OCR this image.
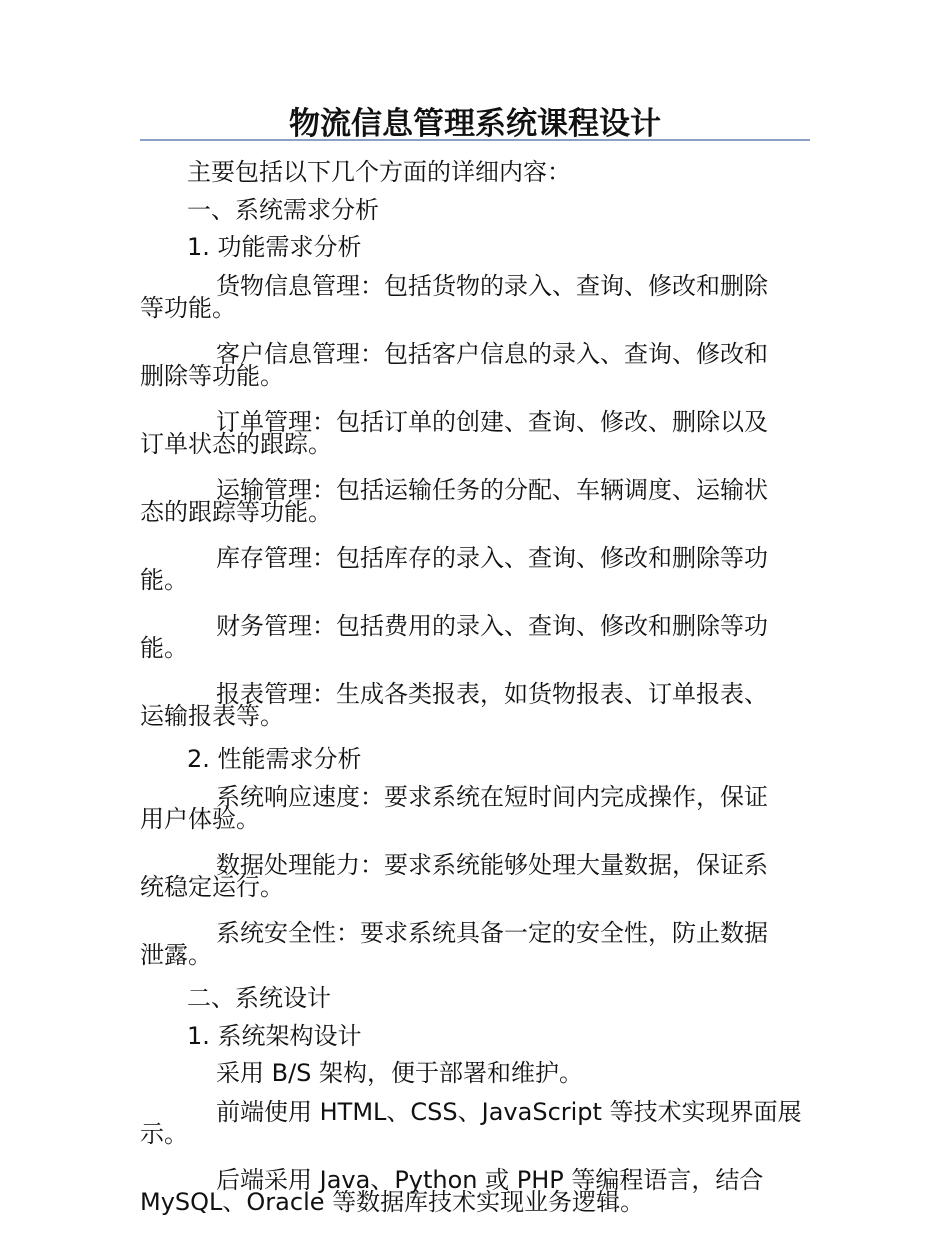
物流信息管理系统课程设计
主要包括以下几个方面的详细内容：
一、系统需求分析
1. 功能需求分析
货物信息管理：包括货物的录入、查询、修改和删除
等功能。
客户信息管理：包括客户信息的录入、查询、修改和
删除等功能。
订单管理：包括订单的创建、查询、修改、删除以及
订单状态的跟踪。
运输管理：包括运输任务的分配、车辆调度、运输状
态的跟踪等功能。
库存管理：包括库存的录入、查询、修改和删除等功
能。
财务管理：包括费用的录入、查询、修改和删除等功
能。
报表管理：生成各类报表，如货物报表、订单报表、
运输报表等。
2. 性能需求分析
系统响应速度：要求系统在短时间内完成操作，保证
用户体验。
数据处理能力：要求系统能够处理大量数据，保证系
统稳定运行。
系统安全性：要求系统具备一定的安全性，防止数据
泄露。
二、系统设计
1. 系统架构设计
采用 B/S 架构，便于部署和维护。
前端使用 HTML、CSS、JavaScript 等技术实现界面展
示。
后端采用 Java、Python 或 PHP 等编程语言，结合
MySQL、Oracle 等数据库技术实现业务逻辑。
